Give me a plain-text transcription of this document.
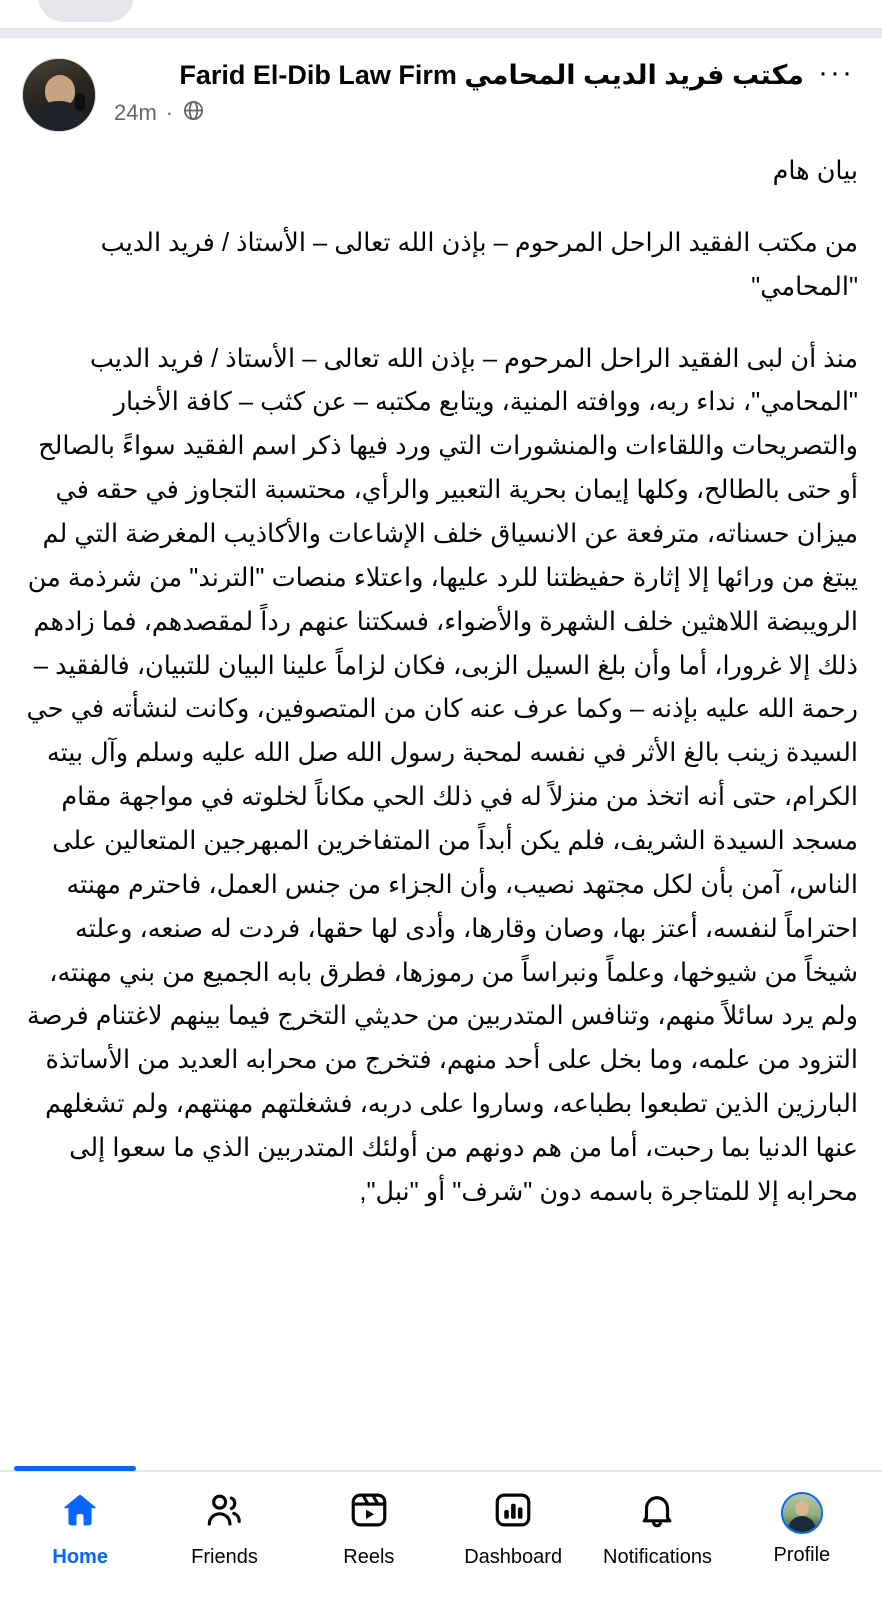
Farid El-Dib Law Firm مكتب فريد الديب المحامي
24m ·
···

بيان هام

من مكتب الفقيد الراحل المرحوم – بإذن الله تعالى – الأستاذ / فريد الديب "المحامي"

منذ أن لبى الفقيد الراحل المرحوم – بإذن الله تعالى – الأستاذ / فريد الديب "المحامي"، نداء ربه، ووافته المنية، ويتابع مكتبه – عن كثب – كافة الأخبار والتصريحات واللقاءات والمنشورات التي ورد فيها ذكر اسم الفقيد سواءً بالصالح أو حتى بالطالح، وكلها إيمان بحرية التعبير والرأي، محتسبة التجاوز في حقه في ميزان حسناته، مترفعة عن الانسياق خلف الإشاعات والأكاذيب المغرضة التي لم يبتغ من ورائها إلا إثارة حفيظتنا للرد عليها، واعتلاء منصات "الترند" من شرذمة من الرويبضة اللاهثين خلف الشهرة والأضواء، فسكتنا عنهم رداً لمقصدهم، فما زادهم ذلك إلا غرورا، أما وأن بلغ السيل الزبى، فكان لزاماً علينا البيان للتبيان، فالفقيد – رحمة الله عليه بإذنه – وكما عرف عنه كان من المتصوفين، وكانت لنشأته في حي السيدة زينب بالغ الأثر في نفسه لمحبة رسول الله صل الله عليه وسلم وآل بيته الكرام، حتى أنه اتخذ من منزلاً له في ذلك الحي مكاناً لخلوته في مواجهة مقام مسجد السيدة الشريف، فلم يكن أبداً من المتفاخرين المبهرجين المتعالين على الناس، آمن بأن لكل مجتهد نصيب، وأن الجزاء من جنس العمل، فاحترم مهنته احتراماً لنفسه، أعتز بها، وصان وقارها، وأدى لها حقها، فردت له صنعه، وعلته شيخاً من شيوخها، وعلماً ونبراساً من رموزها، فطرق بابه الجميع من بني مهنته، ولم يرد سائلاً منهم، وتنافس المتدربين من حديثي التخرج فيما بينهم لاغتنام فرصة التزود من علمه، وما بخل على أحد منهم، فتخرج من محرابه العديد من الأساتذة البارزين الذين تطبعوا بطباعه، وساروا على دربه، فشغلتهم مهنتهم، ولم تشغلهم عنها الدنيا بما رحبت، أما من هم دونهم من أولئك المتدربين الذي ما سعوا إلى محرابه إلا للمتاجرة باسمه دون "شرف" أو "نبل",

Home	Friends	Reels	Dashboard Notifications	Profile
